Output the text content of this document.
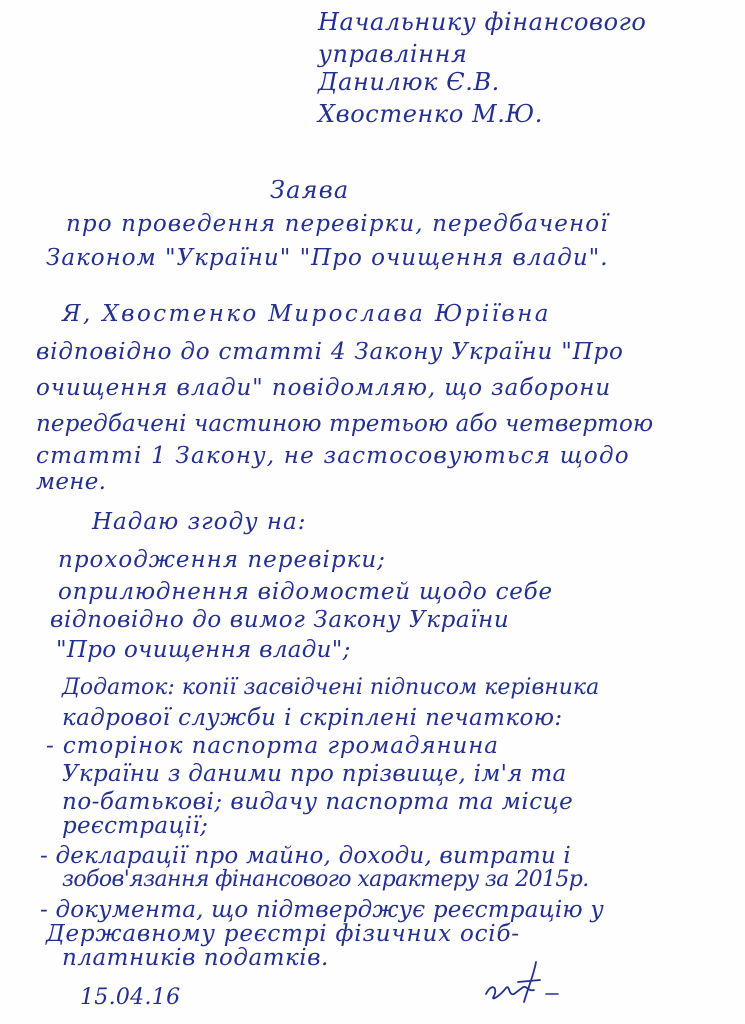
Начальнику фінансового
управління
Данилюк Є.В.
Хвостенко М.Ю.
Заява
про проведення перевірки, передбаченої
Законом "України" "Про очищення влади".
Я, Хвостенко Мирослава Юріївна
відповідно до статті 4 Закону України "Про
очищення влади" повідомляю, що заборони
передбачені частиною третьою або четвертою
статті 1 Закону, не застосовуються щодо
мене.
Надаю згоду на:
проходження перевірки;
оприлюднення відомостей щодо себе
відповідно до вимог Закону України
"Про очищення влади";
Додаток: копії засвідчені підписом керівника
кадрової служби і скріплені печаткою:
- сторінок паспорта громадянина
України з даними про прізвище, ім'я та
по-батькові; видачу паспорта та місце
реєстрації;
- декларації про майно, доходи, витрати і
зобов'язання фінансового характеру за 2015р.
- документа, що підтверджує реєстрацію у
Державному реєстрі фізичних осіб-
платників податків.
15.04.16
